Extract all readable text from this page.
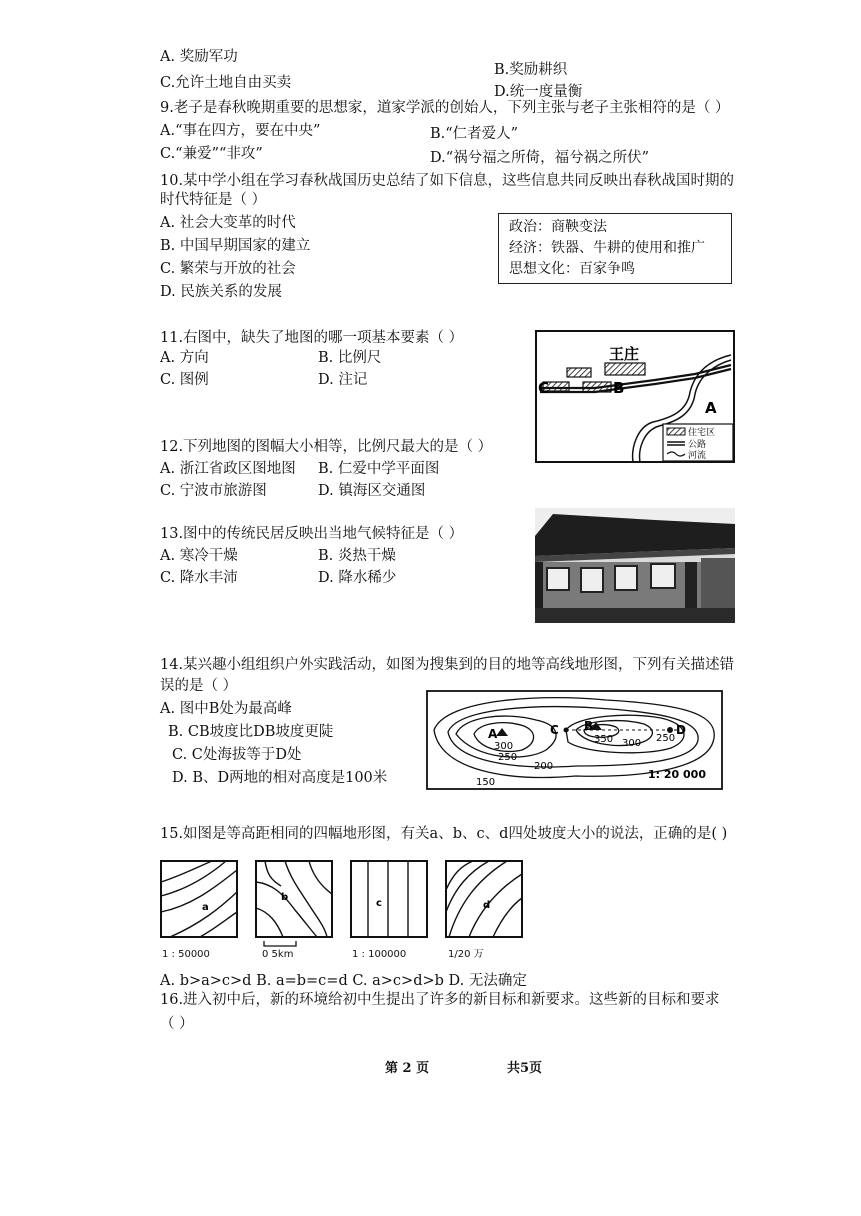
A. 奖励军功
B.奖励耕织
C.允许土地自由买卖
D.统一度量衡
9.老子是春秋晚期重要的思想家，道家学派的创始人，下列主张与老子主张相符的是（ ）
A.“事在四方，要在中央”	B.“仁者爱人”
C.“兼爱”“非攻”	D.“祸兮福之所倚，福兮祸之所伏”
10.某中学小组在学习春秋战国历史总结了如下信息，这些信息共同反映出春秋战国时期的
时代特征是（ ）
A. 社会大变革的时代
B. 中国早期国家的建立
C. 繁荣与开放的社会
D. 民族关系的发展
政治：商鞅变法
经济：铁器、牛耕的使用和推广
思想文化：百家争鸣
11.右图中，缺失了地图的哪一项基本要素（ ）
A. 方向	B. 比例尺
C. 图例	D. 注记
王庄
B
C
A
住宅区
公路
河流
12.下列地图的图幅大小相等，比例尺最大的是（ ）
A. 浙江省政区图地图 B. 仁爱中学平面图
C. 宁波市旅游图	D. 镇海区交通图
13.图中的传统民居反映出当地气候特征是（ ）
A. 寒冷干燥	B. 炎热干燥
C. 降水丰沛	D. 降水稀少
14.某兴趣小组组织户外实践活动，如图为搜集到的目的地等高线地形图，下列有关描述错
误的是（ ）
A. 图中B处为最高峰
B. CB坡度比DB坡度更陡
C. C处海拔等于D处
D. B、D两地的相对高度是100米
A
B
C	D
300
250
350 300 250
200
150
1: 20 000
15.如图是等高距相同的四幅地形图，有关a、b、c、d四处坡度大小的说法，正确的是( )
a
b
c	d
1 : 50000	0 5km	1 : 100000	1/20 万
A. b>a>c>d B. a=b=c=d C. a>c>d>b D. 无法确定
16.进入初中后，新的环境给初中生提出了许多的新目标和新要求。这些新的目标和要求
（ ）
第 2 页	共5页
